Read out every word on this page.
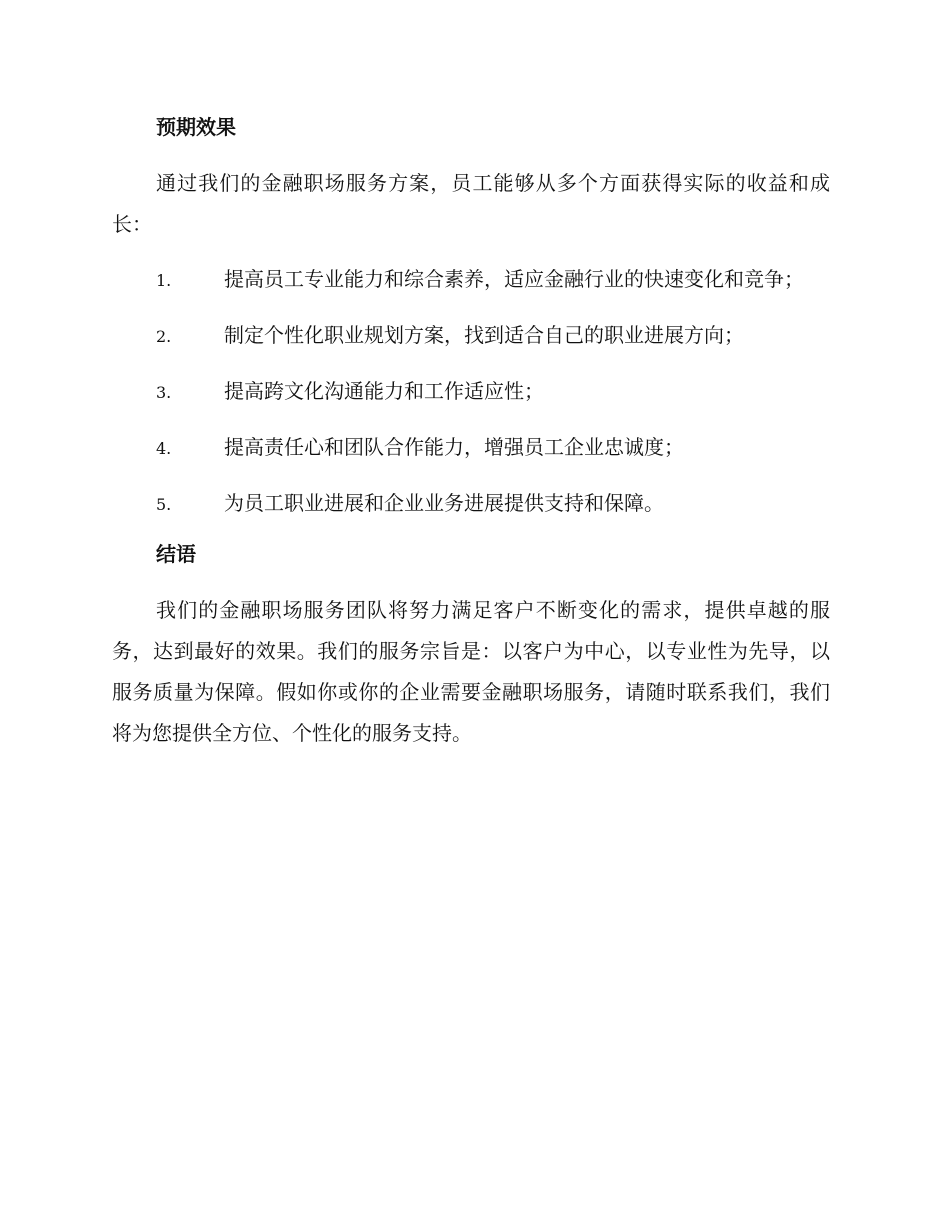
预期效果

通过我们的金融职场服务方案，员工能够从多个方面获得实际的收益和成长：

1.	提高员工专业能力和综合素养，适应金融行业的快速变化和竞争；
2.	制定个性化职业规划方案，找到适合自己的职业进展方向；
3.	提高跨文化沟通能力和工作适应性；
4.	提高责任心和团队合作能力，增强员工企业忠诚度；
5.	为员工职业进展和企业业务进展提供支持和保障。
结语

我们的金融职场服务团队将努力满足客户不断变化的需求，提供卓越的服务，达到最好的效果。我们的服务宗旨是：以客户为中心，以专业性为先导，以服务质量为保障。假如你或你的企业需要金融职场服务，请随时联系我们，我们将为您提供全方位、个性化的服务支持。
